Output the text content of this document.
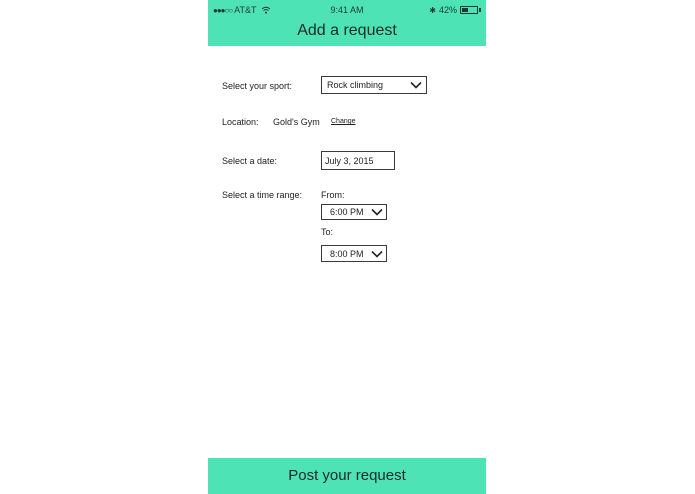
●●●○○ AT&T	9:41 AM	✱ 42%
Add a request
Select your sport:	Rock climbing
Location: Gold's Gym Change
Select a date:	July 3, 2015
Select a time range: From:
6:00 PM
To:
8:00 PM
Post your request
